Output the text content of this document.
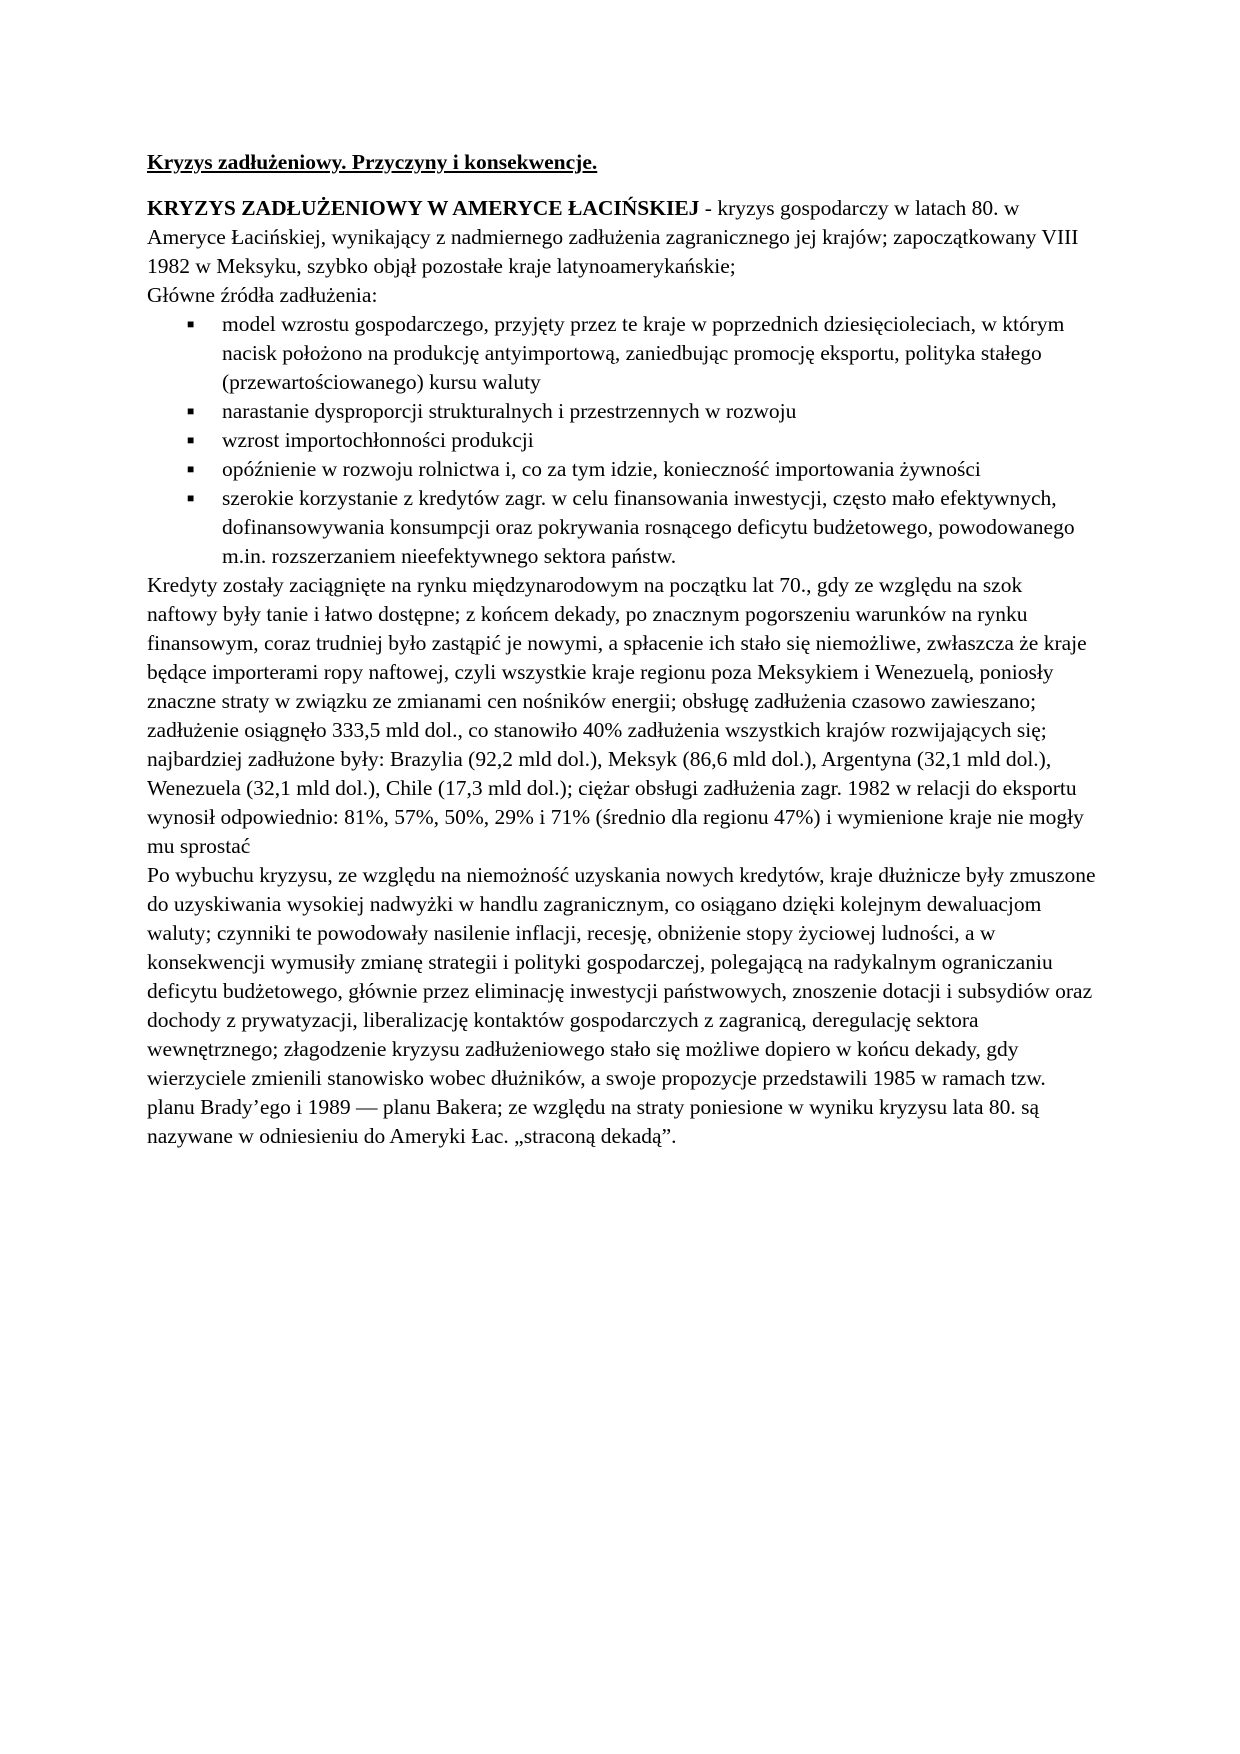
Kryzys zadłużeniowy. Przyczyny i konsekwencje.

KRYZYS ZADŁUŻENIOWY W AMERYCE ŁACIŃSKIEJ - kryzys gospodarczy w latach 80. w Ameryce Łacińskiej, wynikający z nadmiernego zadłużenia zagranicznego jej krajów; zapoczątkowany VIII 1982 w Meksyku, szybko objął pozostałe kraje latynoamerykańskie;

Główne źródła zadłużenia:

■ model wzrostu gospodarczego, przyjęty przez te kraje w poprzednich dziesięcioleciach, w którym nacisk położono na produkcję antyimportową, zaniedbując promocję eksportu, polityka stałego (przewartościowanego) kursu waluty
■ narastanie dysproporcji strukturalnych i przestrzennych w rozwoju
■ wzrost importochłonności produkcji
■ opóźnienie w rozwoju rolnictwa i, co za tym idzie, konieczność importowania żywności
■ szerokie korzystanie z kredytów zagr. w celu finansowania inwestycji, często mało efektywnych, dofinansowywania konsumpcji oraz pokrywania rosnącego deficytu budżetowego, powodowanego m.in. rozszerzaniem nieefektywnego sektora państw.

Kredyty zostały zaciągnięte na rynku międzynarodowym na początku lat 70., gdy ze względu na szok naftowy były tanie i łatwo dostępne; z końcem dekady, po znacznym pogorszeniu warunków na rynku finansowym, coraz trudniej było zastąpić je nowymi, a spłacenie ich stało się niemożliwe, zwłaszcza że kraje będące importerami ropy naftowej, czyli wszystkie kraje regionu poza Meksykiem i Wenezuelą, poniosły znaczne straty w związku ze zmianami cen nośników energii; obsługę zadłużenia czasowo zawieszano; zadłużenie osiągnęło 333,5 mld dol., co stanowiło 40% zadłużenia wszystkich krajów rozwijających się; najbardziej zadłużone były: Brazylia (92,2 mld dol.), Meksyk (86,6 mld dol.), Argentyna (32,1 mld dol.), Wenezuela (32,1 mld dol.), Chile (17,3 mld dol.); ciężar obsługi zadłużenia zagr. 1982 w relacji do eksportu wynosił odpowiednio: 81%, 57%, 50%, 29% i 71% (średnio dla regionu 47%) i wymienione kraje nie mogły mu sprostać

Po wybuchu kryzysu, ze względu na niemożność uzyskania nowych kredytów, kraje dłużnicze były zmuszone do uzyskiwania wysokiej nadwyżki w handlu zagranicznym, co osiągano dzięki kolejnym dewaluacjom waluty; czynniki te powodowały nasilenie inflacji, recesję, obniżenie stopy życiowej ludności, a w konsekwencji wymusiły zmianę strategii i polityki gospodarczej, polegającą na radykalnym ograniczaniu deficytu budżetowego, głównie przez eliminację inwestycji państwowych, znoszenie dotacji i subsydiów oraz dochody z prywatyzacji, liberalizację kontaktów gospodarczych z zagranicą, deregulację sektora wewnętrznego; złagodzenie kryzysu zadłużeniowego stało się możliwe dopiero w końcu dekady, gdy wierzyciele zmienili stanowisko wobec dłużników, a swoje propozycje przedstawili 1985 w ramach tzw. planu Brady’ego i 1989 — planu Bakera; ze względu na straty poniesione w wyniku kryzysu lata 80. są nazywane w odniesieniu do Ameryki Łac. „straconą dekadą”.
